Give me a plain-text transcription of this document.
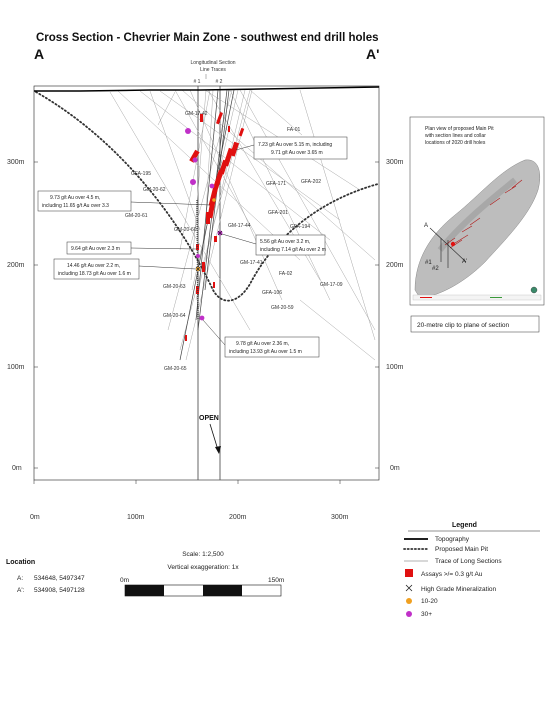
Cross Section - Chevrier Main Zone - southwest end drill holes
A	A'
Longitudinal Section
Line Traces
# 1	# 2
300m
200m
100m
0m
300m
200m
100m
0m
0m	100m	200m	300m
GM-17-42
FA-01
GFA-195
GM-20-62
GFA-171	GFA-202
GM-20-61
GM-20-60
GFA-201
GM-17-44	GFA-194
GM-17-41
FA-02
GM-20-63	GM-17-09
GFA-106
GM-20-59
GM-20-64
GM-20-65
7.23 g/t Au over 5.15 m, including
9.71 g/t Au over 3.65 m
9.73 g/t Au over 4.5 m,
including 11.65 g/t Au over 3.3
5.56 g/t Au over 3.2 m,
including 7.14 g/t Au over 2 m
9.64 g/t Au over 2.3 m
14.46 g/t Au over 2.2 m,
including 18.73 g/t Au over 1.6 m
9.78 g/t Au over 2.36 m,
including 13.93 g/t Au over 1.5 m
OPEN
Plan view of proposed Main Pit
with section lines and collar
locations of 2020 drill holes
A
A'
#1
#2
20-metre clip to plane of section
Legend
Topography
Proposed Main Pit
Trace of Long Sections
Assays >/= 0.3 g/t Au
High Grade Mineralization
10-20
30+
Location
A: 534648, 5497347
A': 534908, 5497128
Scale: 1:2,500
Vertical exaggeration: 1x
0m	150m
